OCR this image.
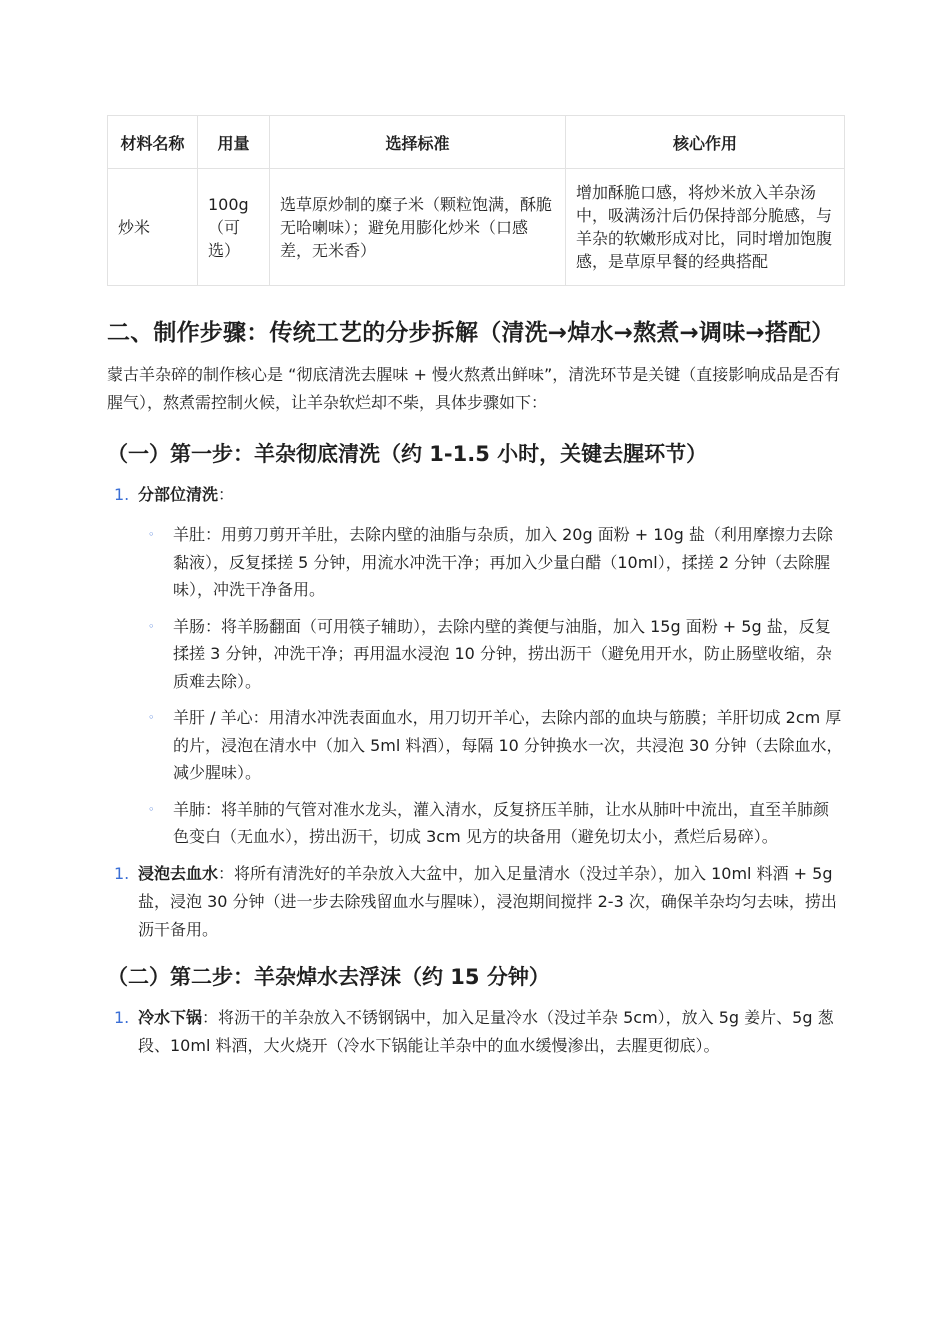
材料名称	用量	选择标准	核心作用
炒米	100g（可选）	选草原炒制的糜子米（颗粒饱满，酥脆无哈喇味）；避免用膨化炒米（口感差，无米香）	增加酥脆口感，将炒米放入羊杂汤中，吸满汤汁后仍保持部分脆感，与羊杂的软嫩形成对比，同时增加饱腹感，是草原早餐的经典搭配
二、制作步骤：传统工艺的分步拆解（清洗→焯水→熬煮→调味→搭配）

蒙古羊杂碎的制作核心是 “彻底清洗去腥味 + 慢火熬煮出鲜味”，清洗环节是关键（直接影响成品是否有腥气），熬煮需控制火候，让羊杂软烂却不柴，具体步骤如下：

（一）第一步：羊杂彻底清洗（约 1-1.5 小时，关键去腥环节）
1. 分部位清洗：
◦ 羊肚：用剪刀剪开羊肚，去除内壁的油脂与杂质，加入 20g 面粉 + 10g 盐（利用摩擦力去除黏液），反复揉搓 5 分钟，用流水冲洗干净；再加入少量白醋（10ml），揉搓 2 分钟（去除腥味），冲洗干净备用。
◦ 羊肠：将羊肠翻面（可用筷子辅助），去除内壁的粪便与油脂，加入 15g 面粉 + 5g 盐，反复揉搓 3 分钟，冲洗干净；再用温水浸泡 10 分钟，捞出沥干（避免用开水，防止肠壁收缩，杂质难去除）。
◦ 羊肝 / 羊心：用清水冲洗表面血水，用刀切开羊心，去除内部的血块与筋膜；羊肝切成 2cm 厚的片，浸泡在清水中（加入 5ml 料酒），每隔 10 分钟换水一次，共浸泡 30 分钟（去除血水，减少腥味）。
◦ 羊肺：将羊肺的气管对准水龙头，灌入清水，反复挤压羊肺，让水从肺叶中流出，直至羊肺颜色变白（无血水），捞出沥干，切成 3cm 见方的块备用（避免切太小，煮烂后易碎）。
1. 浸泡去血水：将所有清洗好的羊杂放入大盆中，加入足量清水（没过羊杂），加入 10ml 料酒 + 5g 盐，浸泡 30 分钟（进一步去除残留血水与腥味），浸泡期间搅拌 2-3 次，确保羊杂均匀去味，捞出沥干备用。
（二）第二步：羊杂焯水去浮沫（约 15 分钟）
1. 冷水下锅：将沥干的羊杂放入不锈钢锅中，加入足量冷水（没过羊杂 5cm），放入 5g 姜片、5g 葱段、10ml 料酒，大火烧开（冷水下锅能让羊杂中的血水缓慢渗出，去腥更彻底）。
